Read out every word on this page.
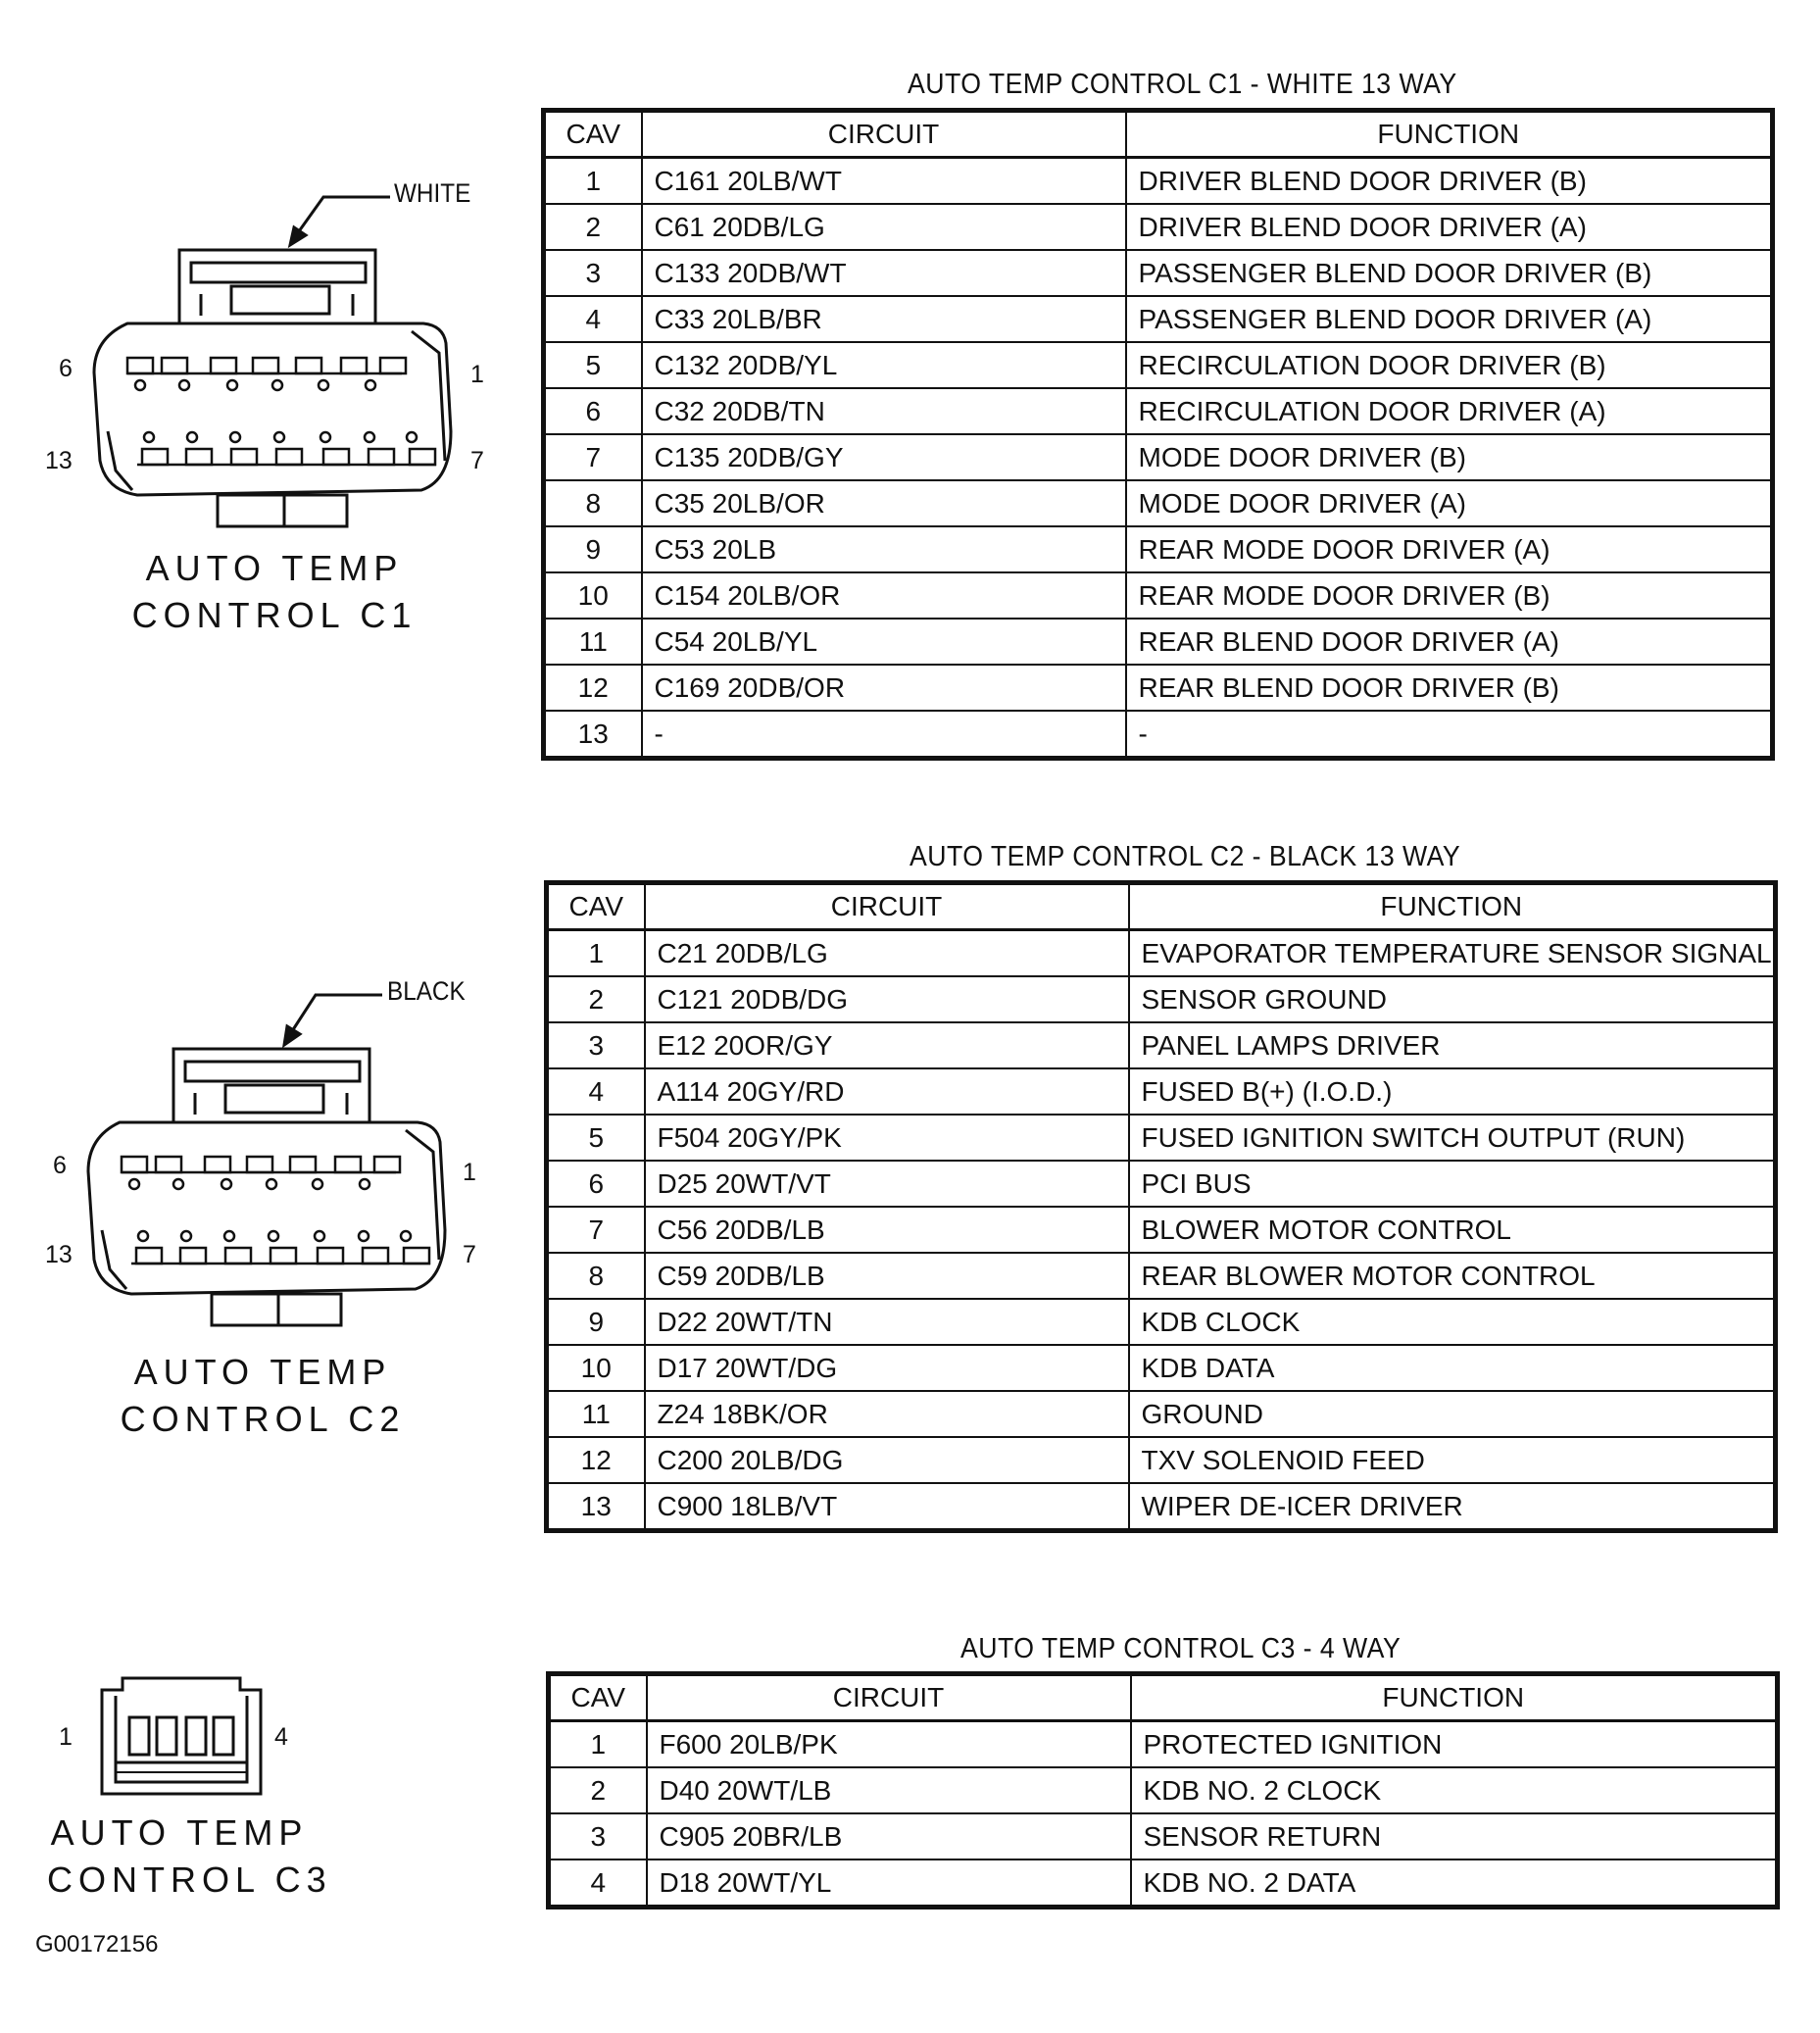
WHITE
6	1
13	7
AUTO TEMP
CONTROL C1
BLACK
6	1
13	7
AUTO TEMP
CONTROL C2
1	4
AUTO TEMP
CONTROL C3
AUTO TEMP CONTROL C1 - WHITE 13 WAY
CAV	CIRCUIT	FUNCTION
1	C161 20LB/WT	DRIVER BLEND DOOR DRIVER (B)
2	C61 20DB/LG	DRIVER BLEND DOOR DRIVER (A)
3	C133 20DB/WT	PASSENGER BLEND DOOR DRIVER (B)
4	C33 20LB/BR	PASSENGER BLEND DOOR DRIVER (A)
5	C132 20DB/YL	RECIRCULATION DOOR DRIVER (B)
6	C32 20DB/TN	RECIRCULATION DOOR DRIVER (A)
7	C135 20DB/GY	MODE DOOR DRIVER (B)
8	C35 20LB/OR	MODE DOOR DRIVER (A)
9	C53 20LB	REAR MODE DOOR DRIVER (A)
10	C154 20LB/OR	REAR MODE DOOR DRIVER (B)
11	C54 20LB/YL	REAR BLEND DOOR DRIVER (A)
12	C169 20DB/OR	REAR BLEND DOOR DRIVER (B)
13	-	-
AUTO TEMP CONTROL C2 - BLACK 13 WAY
CAV	CIRCUIT	FUNCTION
1	C21 20DB/LG	EVAPORATOR TEMPERATURE SENSOR SIGNAL
2	C121 20DB/DG	SENSOR GROUND
3	E12 20OR/GY	PANEL LAMPS DRIVER
4	A114 20GY/RD	FUSED B(+) (I.O.D.)
5	F504 20GY/PK	FUSED IGNITION SWITCH OUTPUT (RUN)
6	D25 20WT/VT	PCI BUS
7	C56 20DB/LB	BLOWER MOTOR CONTROL
8	C59 20DB/LB	REAR BLOWER MOTOR CONTROL
9	D22 20WT/TN	KDB CLOCK
10	D17 20WT/DG	KDB DATA
11	Z24 18BK/OR	GROUND
12	C200 20LB/DG	TXV SOLENOID FEED
13	C900 18LB/VT	WIPER DE-ICER DRIVER
AUTO TEMP CONTROL C3 - 4 WAY
CAV	CIRCUIT	FUNCTION
1	F600 20LB/PK	PROTECTED IGNITION
2	D40 20WT/LB	KDB NO. 2 CLOCK
3	C905 20BR/LB	SENSOR RETURN
4	D18 20WT/YL	KDB NO. 2 DATA
G00172156
